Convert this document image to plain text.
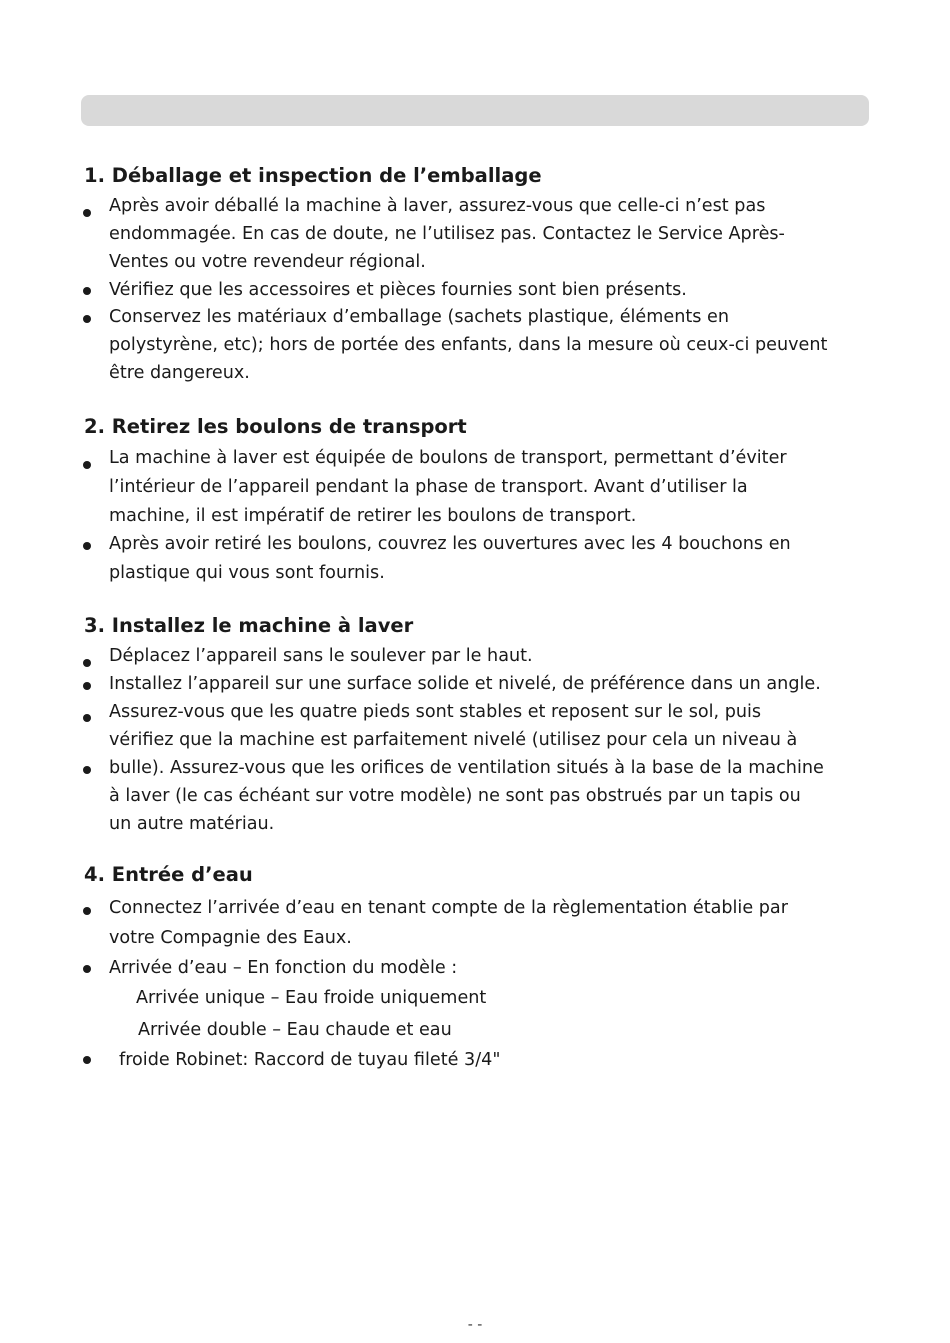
1. Déballage et inspection de l’emballage

Après avoir déballé la machine à laver, assurez-vous que celle-ci n’est pas

endommagée. En cas de doute, ne l’utilisez pas. Contactez le Service Après-

Ventes ou votre revendeur régional.

Vérifiez que les accessoires et pièces fournies sont bien présents.

Conservez les matériaux d’emballage (sachets plastique, éléments en

polystyrène, etc); hors de portée des enfants, dans la mesure où ceux-ci peuvent

être dangereux.

2. Retirez les boulons de transport

La machine à laver est équipée de boulons de transport, permettant d’éviter

l’intérieur de l’appareil pendant la phase de transport. Avant d’utiliser la

machine, il est impératif de retirer les boulons de transport.

Après avoir retiré les boulons, couvrez les ouvertures avec les 4 bouchons en

plastique qui vous sont fournis.

3. Installez le machine à laver

Déplacez l’appareil sans le soulever par le haut.

Installez l’appareil sur une surface solide et nivelé, de préférence dans un angle.

Assurez-vous que les quatre pieds sont stables et reposent sur le sol, puis

vérifiez que la machine est parfaitement nivelé (utilisez pour cela un niveau à

bulle). Assurez-vous que les orifices de ventilation situés à la base de la machine

à laver (le cas échéant sur votre modèle) ne sont pas obstrués par un tapis ou

un autre matériau.

4. Entrée d’eau

Connectez l’arrivée d’eau en tenant compte de la règlementation établie par

votre Compagnie des Eaux.

Arrivée d’eau – En fonction du modèle :

Arrivée unique – Eau froide uniquement

Arrivée double – Eau chaude et eau

froide Robinet: Raccord de tuyau fileté 3/4"

- -
